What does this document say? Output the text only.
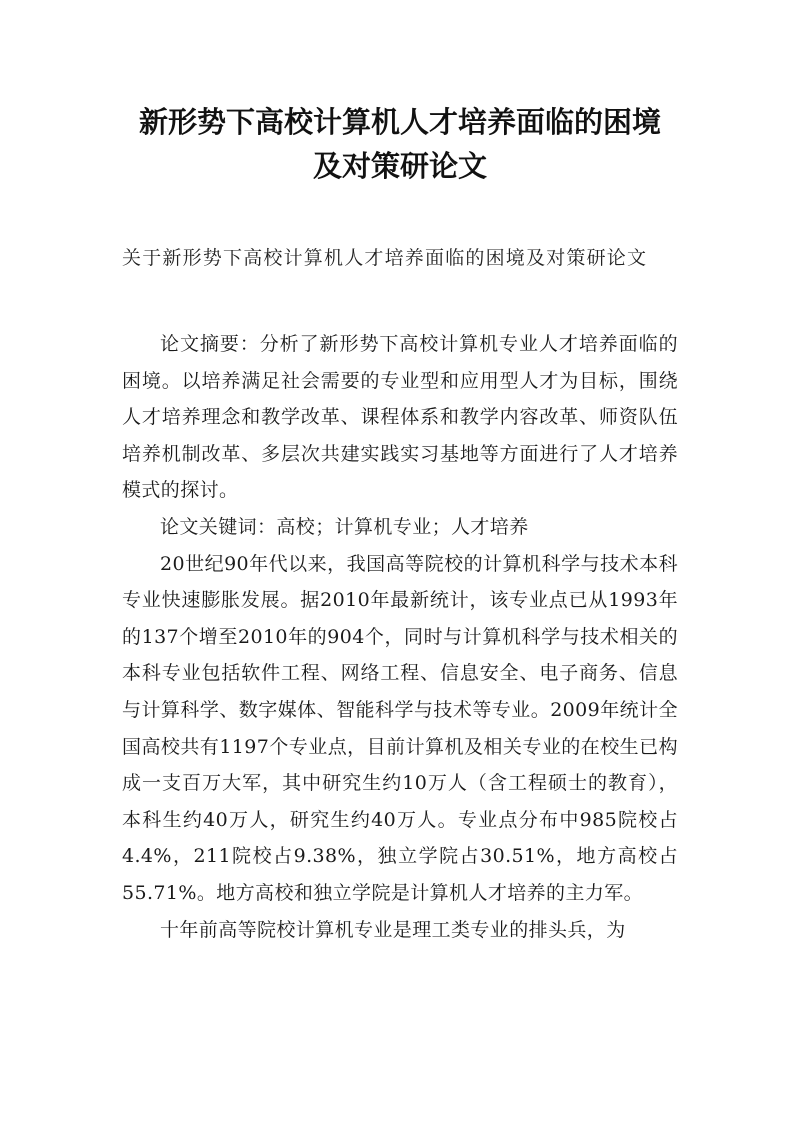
新形势下高校计算机人才培养面临的困境
及对策研论文
关于新形势下高校计算机人才培养面临的困境及对策研论文

论文摘要：分析了新形势下高校计算机专业人才培养面临的困境。以培养满足社会需要的专业型和应用型人才为目标，围绕人才培养理念和教学改革、课程体系和教学内容改革、师资队伍培养机制改革、多层次共建实践实习基地等方面进行了人才培养模式的探讨。

论文关键词：高校；计算机专业；人才培养

20世纪90年代以来，我国高等院校的计算机科学与技术本科专业快速膨胀发展。据2010年最新统计，该专业点已从1993年的137个增至2010年的904个，同时与计算机科学与技术相关的本科专业包括软件工程、网络工程、信息安全、电子商务、信息与计算科学、数字媒体、智能科学与技术等专业。2009年统计全国高校共有1197个专业点，目前计算机及相关专业的在校生已构成一支百万大军，其中研究生约10万人（含工程硕士的教育），本科生约40万人，研究生约40万人。专业点分布中985院校占4.4%，211院校占9.38%，独立学院占30.51%，地方高校占55.71%。地方高校和独立学院是计算机人才培养的主力军。

十年前高等院校计算机专业是理工类专业的排头兵，为
